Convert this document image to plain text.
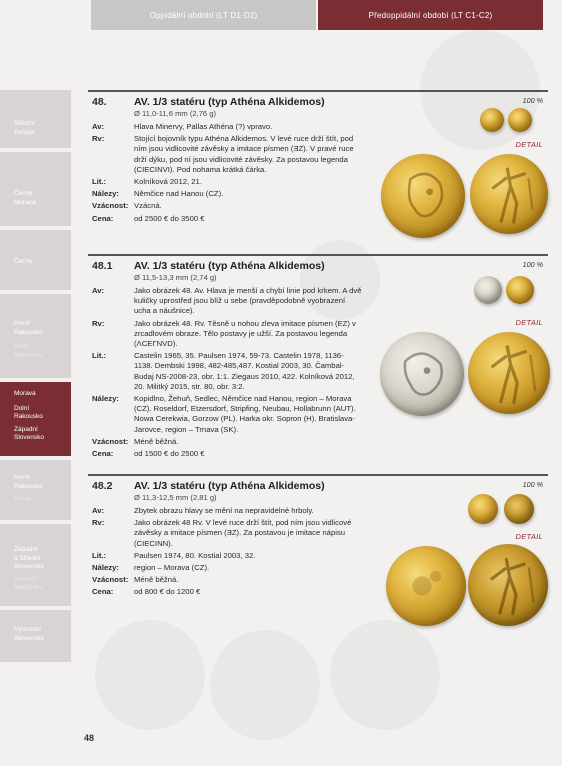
Oppidální období (LT D1-D2)	Předoppidální období (LT C1-C2)
Střední
Evropa
Čechy
Morava
Čechy
Horní
Rakousko
Dolní
Rakousko
Morava
Dolní
Rakousko
Západní
Slovensko
Horní
Rakousko
Dunaj
Západní
a Střední
Slovensko
Severní
Maďarsko
Východní
Slovensko
48.	AV. 1/3 statéru (typ Athéna Alkidemos)
Ø 11,0-11,6 mm (2,76 g)
100 %
DETAIL
Av:	Hlava Minervy, Pallas Athéna (?) vpravo.
Rv:	Stojící bojovník typu Athéna Alkidemos. V levé ruce drží štít, pod ním jsou vidlicovité závěsky a imitace písmen (ƎZ). V pravé ruce drží dýku, pod ní jsou vidlicovité závěsky. Za postavou legenda (CIECINVI). Pod nohama krátká čárka.
Lit.:	Kolníková 2012, 21.
Nálezy:	Němčice nad Hanou (CZ).
Vzácnost: Vzácná.
Cena:	od 2500 € do 3500 €
48.1 AV. 1/3 statéru (typ Athéna Alkidemos)
Ø 11,5-13,3 mm (2,74 g)
100 %
DETAIL
Av:	Jako obrázek 48. Av. Hlava je menší a chybí linie pod krkem. A dvě kuličky uprostřed jsou blíž u sebe (pravděpodobně vyobrazení ucha a náušnice).
Rv:	Jako obrázek 48. Rv. Těsně u nohou zleva imitace písmen (EZ) v zrcadlovém obraze. Tělo postavy je užší. Za postavou legenda (ΛCEΓNVD).
Lit.:	Castelin 1965, 35. Paulsen 1974, 59-73. Castelin 1978, 1136-1138. Dembski 1998, 482-485,487. Kostial 2003, 30. Čambal-Budaj NS-2008-23, obr. 1:1. Ziegaus 2010, 422. Kolníková 2012, 20. Militký 2015, str. 80, obr. 3:2.
Nálezy:	Kopidlno, Žehuň, Sedlec, Němčice nad Hanou, region – Morava (CZ). Roseldorf, Etzersdorf, Stripfing, Neubau, Hollabrunn (AUT). Nowa Cerekwia, Gorzow (PL). Harka okr. Sopron (H). Bratislava-Jarovce, region – Trnava (SK).
Vzácnost: Méně běžná.
Cena:	od 1500 € do 2500 €
48.2 AV. 1/3 statéru (typ Athéna Alkidemos)
Ø 11,3-12,5 mm (2,81 g)
100 %
DETAIL
Av:	Zbytek obrazu hlavy se mění na nepravidelné hrboly.
Rv:	Jako obrázek 48 Rv. V levé ruce drží štít, pod ním jsou vidlicové závěsky a imitace písmen (ƎZ). Za postavou je imitace nápisu (CIECINN).
Lit.:	Paulsen 1974, 80. Kostial 2003, 32.
Nálezy:	region – Morava (CZ).
Vzácnost: Méně běžná.
Cena:	od 800 € do 1200 €
48
